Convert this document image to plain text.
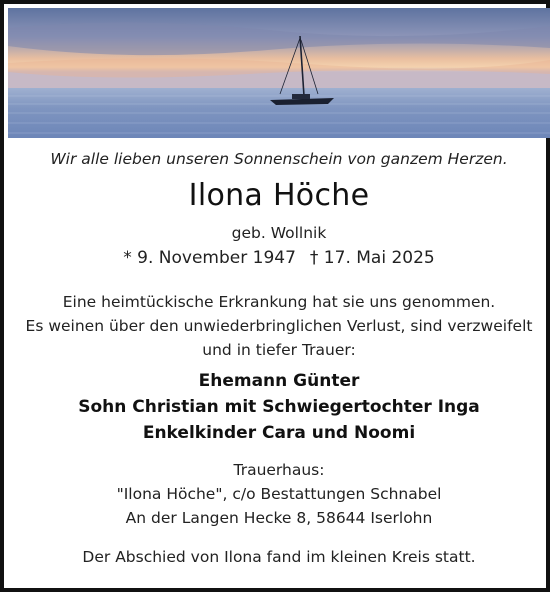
Wir alle lieben unseren Sonnenschein von ganzem Herzen.
Ilona Höche
geb. Wollnik
* 9. November 1947 † 17. Mai 2025
Eine heimtückische Erkrankung hat sie uns genommen.
Es weinen über den unwiederbringlichen Verlust, sind verzweifelt
und in tiefer Trauer:
Ehemann Günter
Sohn Christian mit Schwiegertochter Inga
Enkelkinder Cara und Noomi
Trauerhaus:
"Ilona Höche", c/o Bestattungen Schnabel
An der Langen Hecke 8, 58644 Iserlohn
Der Abschied von Ilona fand im kleinen Kreis statt.
